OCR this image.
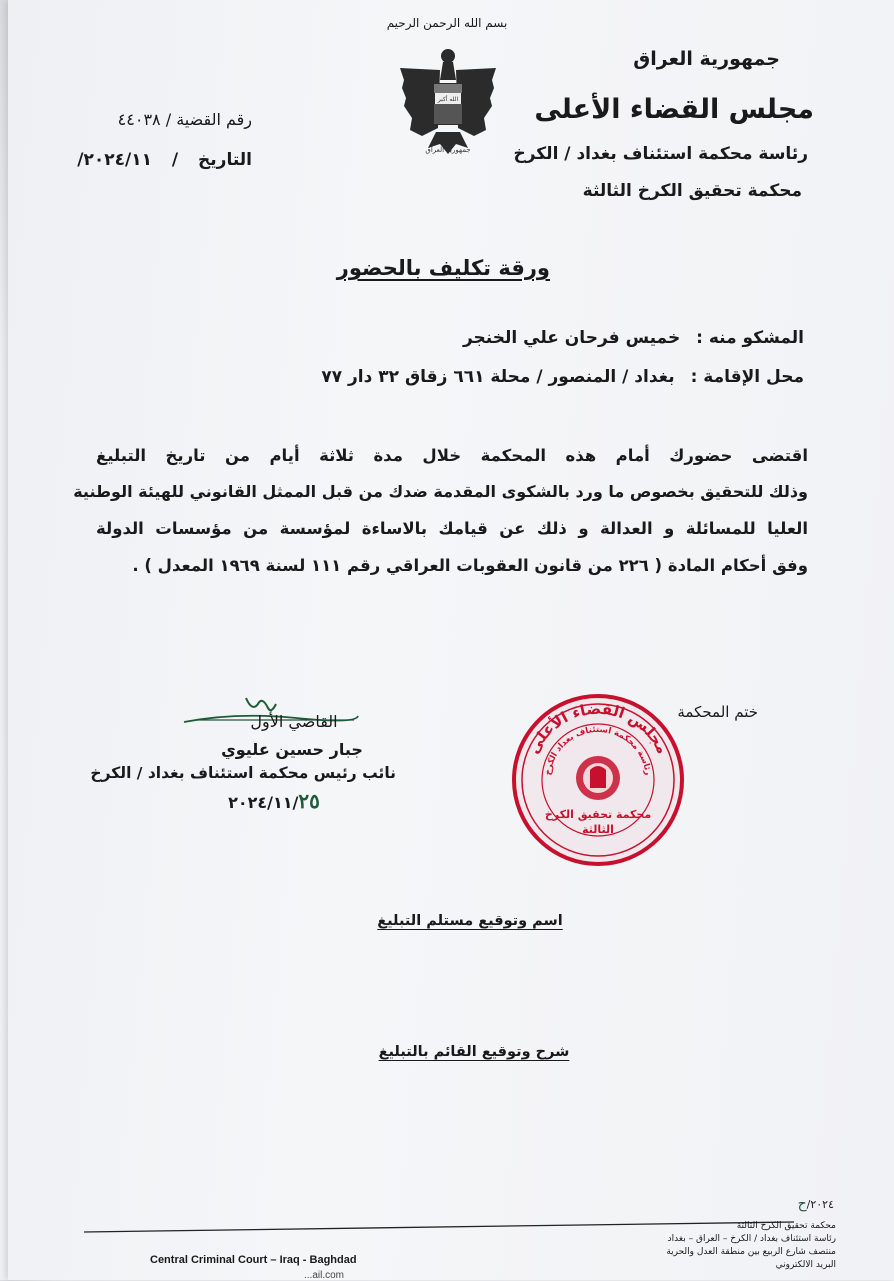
بسم الله الرحمن الرحيم
الله أكبر
جمهورية العراق
جمهورية العراق
مجلس القضاء الأعلى
رئاسة محكمة استئناف بغداد / الكرخ
محكمة تحقيق الكرخ الثالثة
رقم القضية / ٤٤٠٣٨
التاريخ / ٢٠٢٤/١١/
ورقة تكليف بالحضور
المشكو منه : خميس فرحان علي الخنجر
محل الإقامة : بغداد / المنصور / محلة ٦٦١ زقاق ٣٢ دار ٧٧
اقتضى حضورك أمام هذه المحكمة خلال مدة ثلاثة أيام من تاريخ التبليغ
وذلك للتحقيق بخصوص ما ورد بالشكوى المقدمة ضدك من قبل الممثل القانوني للهيئة الوطنية
العليا للمسائلة و العدالة و ذلك عن قيامك بالاساءة لمؤسسة من مؤسسات الدولة
وفق أحكام المادة ( ٢٢٦ من قانون العقوبات العراقي رقم ١١١ لسنة ١٩٦٩ المعدل ) .
ختم المحكمة
مجلس القضاء الأعلى
رئاسة محكمة استئناف بغداد الكرخ
محكمة تحقيق الكرخ
الثالثة
القاضي الأول
جبار حسين عليوي
نائب رئيس محكمة استئناف بغداد / الكرخ
٢٠٢٤/١١/٢٥
اسم وتوقيع مستلم التبليغ
شرح وتوقيع القائم بالتبليغ
٢٠٢٤/ح
محكمة تحقيق الكرخ الثالثة
رئاسة استئناف بغداد / الكرخ – العراق – بغداد
منتصف شارع الربيع بين منطقة العدل والحرية
البريد الالكتروني
Central Criminal Court – Iraq - Baghdad
...ail.com
